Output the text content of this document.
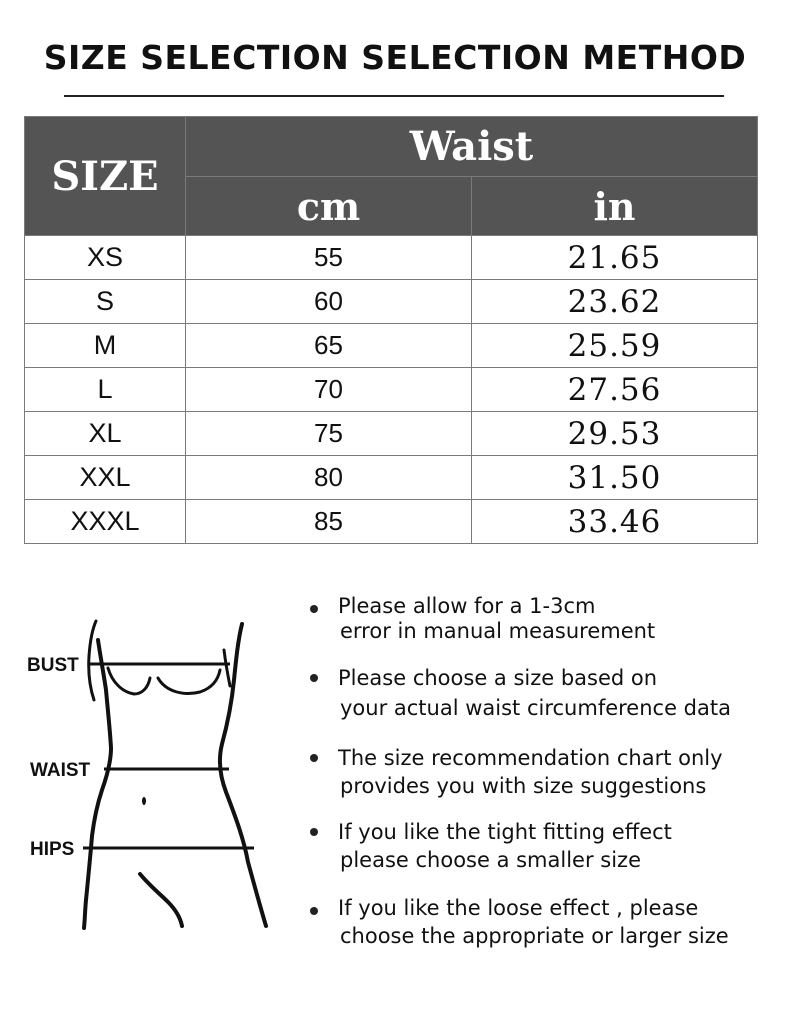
SIZE SELECTION SELECTION METHOD
SIZE	Waist	
	cm	in
XS	55	21.65
S	60	23.62
M	65	25.59
L	70	27.56
XL	75	29.53
XXL	80	31.50
XXXL	85	33.46
BUST
WAIST
HIPS
Please allow for a 1-3cm
error in manual measurement
Please choose a size based on
your actual waist circumference data
The size recommendation chart only
provides you with size suggestions
If you like the tight fitting effect
please choose a smaller size
If you like the loose effect , please
choose the appropriate or larger size
